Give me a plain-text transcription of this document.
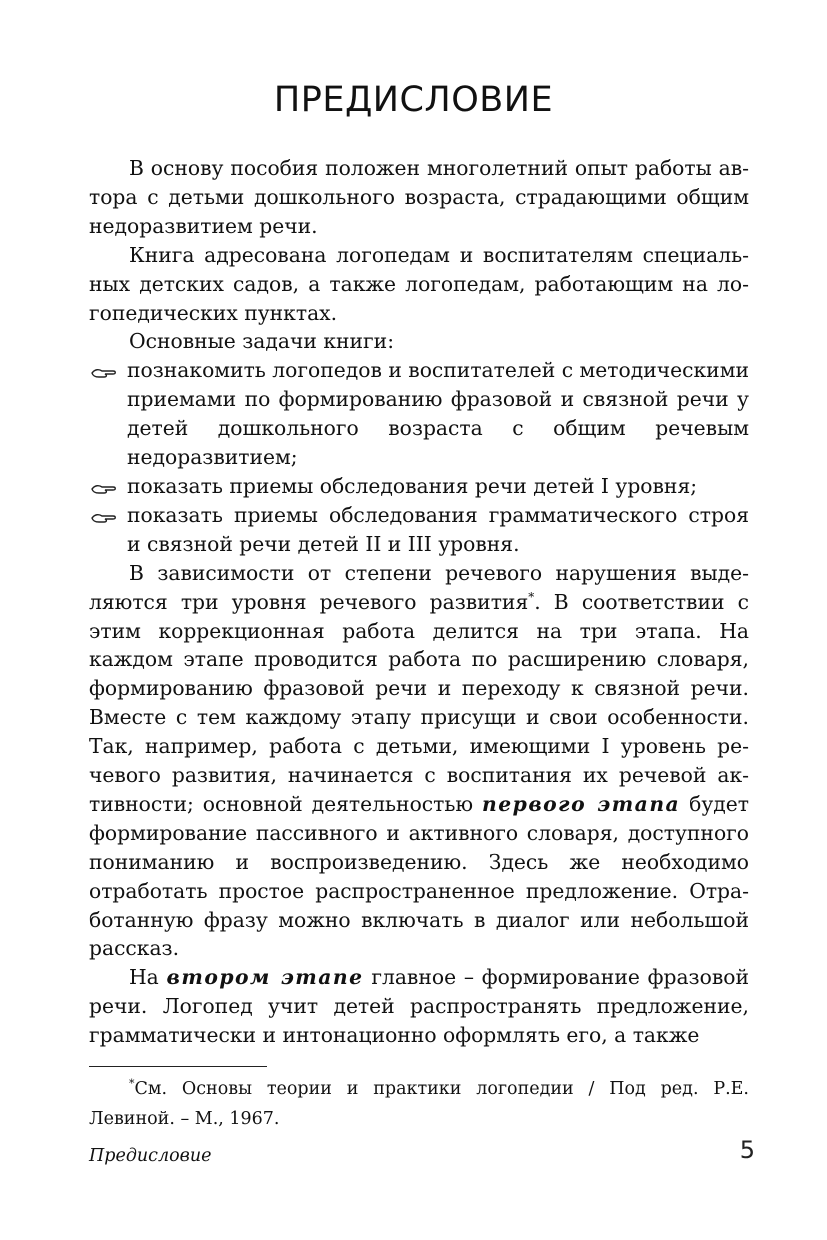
ПРЕДИСЛОВИЕ

В основу пособия положен многолетний опыт работы автора с детьми дошкольного возраста, страдающими общим недоразвитием речи.

Книга адресована логопедам и воспитателям специальных детских садов, а также логопедам, работающим на логопедических пунктах.

Основные задачи книги:

познакомить логопедов и воспитателей с методическими приемами по формированию фразовой и связной речи у детей дошкольного возраста с общим речевым недоразвитием;
показать приемы обследования речи детей I уровня;
показать приемы обследования грамматического строя и связной речи детей II и III уровня.

В зависимости от степени речевого нарушения выделяются три уровня речевого развития*. В соответствии с этим коррекционная работа делится на три этапа. На каждом этапе проводится работа по расширению словаря, формированию фразовой речи и переходу к связной речи. Вместе с тем каждому этапу присущи и свои особенности. Так, например, работа с детьми, имеющими I уровень речевого развития, начинается с воспитания их речевой активности; основной деятельностью первого этапа будет формирование пассивного и активного словаря, доступного пониманию и воспроизведению. Здесь же необходимо отработать простое распространенное предложение. Отработанную фразу можно включать в диалог или небольшой рассказ.

На втором этапе главное – формирование фразовой речи. Логопед учит детей распространять предложение, грамматически и интонационно оформлять его, а также

*См. Основы теории и практики логопедии / Под ред. Р.Е. Левиной. – М., 1967.

Предисловие	5
